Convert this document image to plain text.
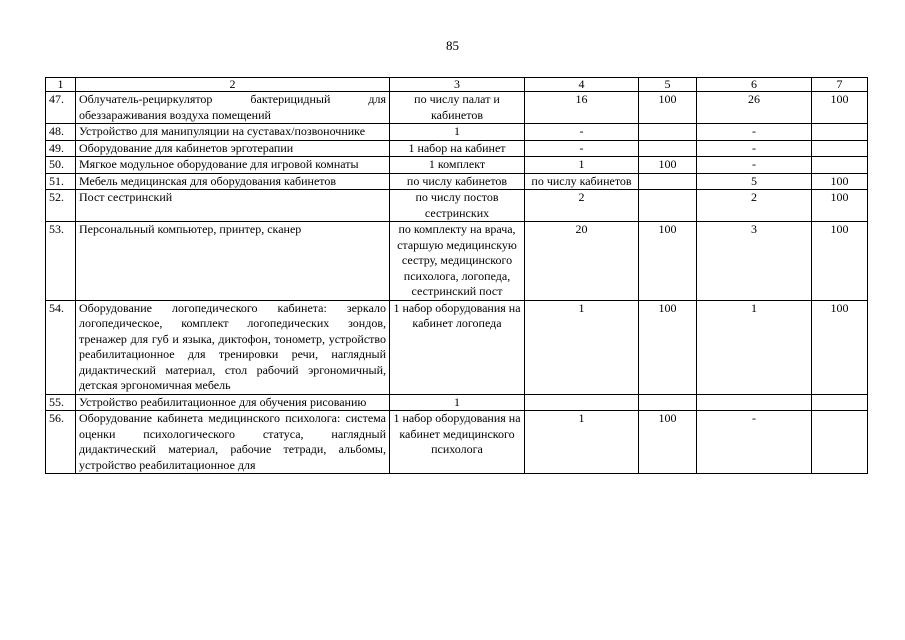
85
1	2	3	4	5	6	7
47.	Облучатель-рециркулятор бактерицидный для обеззараживания воздуха помещений	по числу палат и кабинетов	16	100	26	100
48.	Устройство для манипуляции на суставах/позвоночнике	1	-		-	
49.	Оборудование для кабинетов эрготерапии	1 набор на кабинет	-		-	
50.	Мягкое модульное оборудование для игровой комнаты	1 комплект	1	100	-	
51.	Мебель медицинская для оборудования кабинетов	по числу кабинетов	по числу кабинетов		5	100
52.	Пост сестринский	по числу постов сестринских	2		2	100
53.	Персональный компьютер, принтер, сканер	по комплекту на врача, старшую медицинскую сестру, медицинского психолога, логопеда, сестринский пост	20	100	3	100
54.	Оборудование логопедического кабинета: зеркало логопедическое, комплект логопедических зондов, тренажер для губ и языка, диктофон, тонометр, устройство реабилитационное для тренировки речи, наглядный дидактический материал, стол рабочий эргономичный, детская эргономичная мебель	1 набор оборудования на кабинет логопеда	1	100	1	100
55.	Устройство реабилитационное для обучения рисованию	1				
56.	Оборудование кабинета медицинского психолога: система оценки психологического статуса, наглядный дидактический материал, рабочие тетради, альбомы, устройство реабилитационное для	1 набор оборудования на кабинет медицинского психолога	1	100	-	
